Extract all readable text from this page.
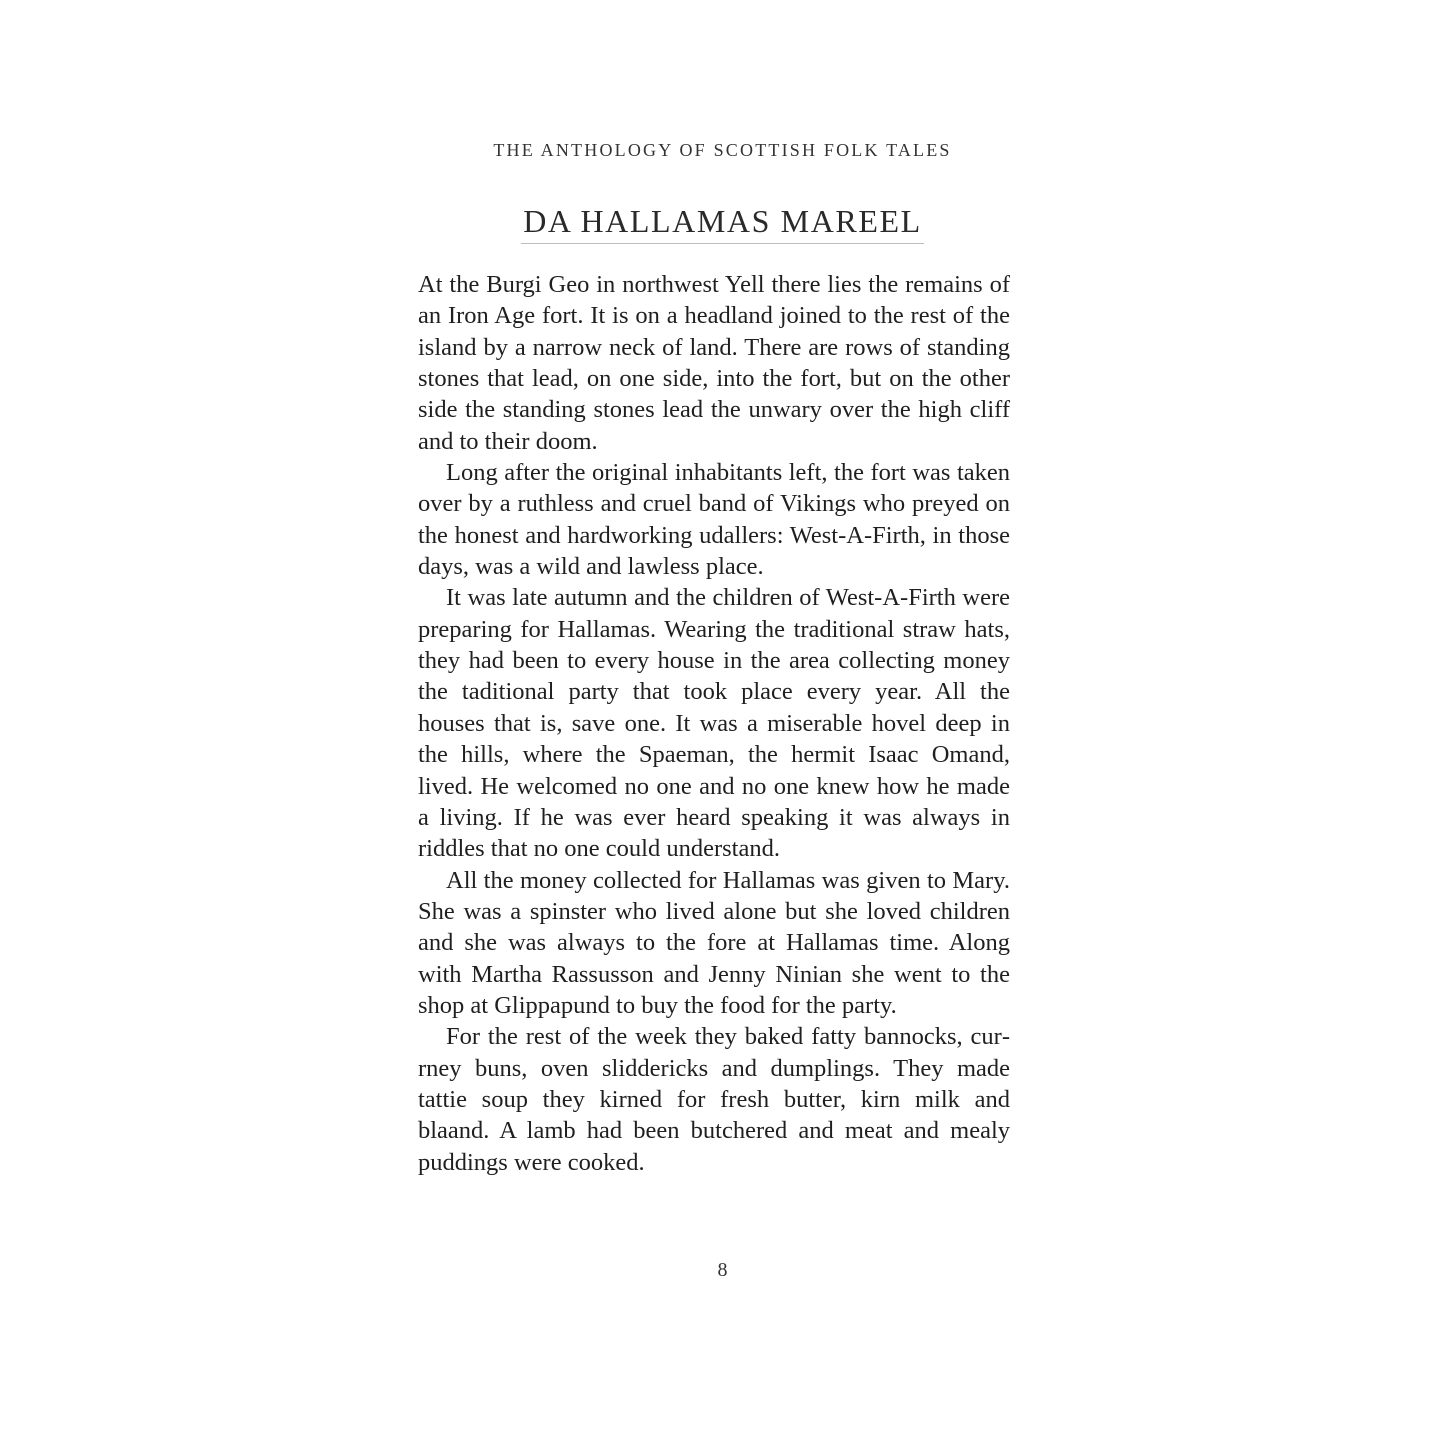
THE ANTHOLOGY OF SCOTTISH FOLK TALES
DA HALLAMAS MAREEL

At the Burgi Geo in northwest Yell there lies the remains of an Iron Age fort. It is on a headland joined to the rest of the island by a narrow neck of land. There are rows of standing stones that lead, on one side, into the fort, but on the other side the standing stones lead the unwary over the high cliff and to their doom.

Long after the original inhabitants left, the fort was taken over by a ruthless and cruel band of Vikings who preyed on the honest and hardworking udallers: West-A-Firth, in those days, was a wild and lawless place.

It was late autumn and the children of West-A-Firth were preparing for Hallamas. Wearing the traditional straw hats, they had been to every house in the area collecting money the taditional party that took place every year. All the houses that is, save one. It was a miserable hovel deep in the hills, where the Spaeman, the hermit Isaac Omand, lived. He welcomed no one and no one knew how he made a living. If he was ever heard speaking it was always in riddles that no one could understand.

All the money collected for Hallamas was given to Mary. She was a spinster who lived alone but she loved children and she was always to the fore at Hallamas time. Along with Martha Rassusson and Jenny Ninian she went to the shop at Glippapund to buy the food for the party.

For the rest of the week they baked fatty bannocks, currney buns, oven sliddericks and dumplings. They made tattie soup they kirned for fresh butter, kirn milk and blaand. A lamb had been butchered and meat and mealy puddings were cooked.

8
